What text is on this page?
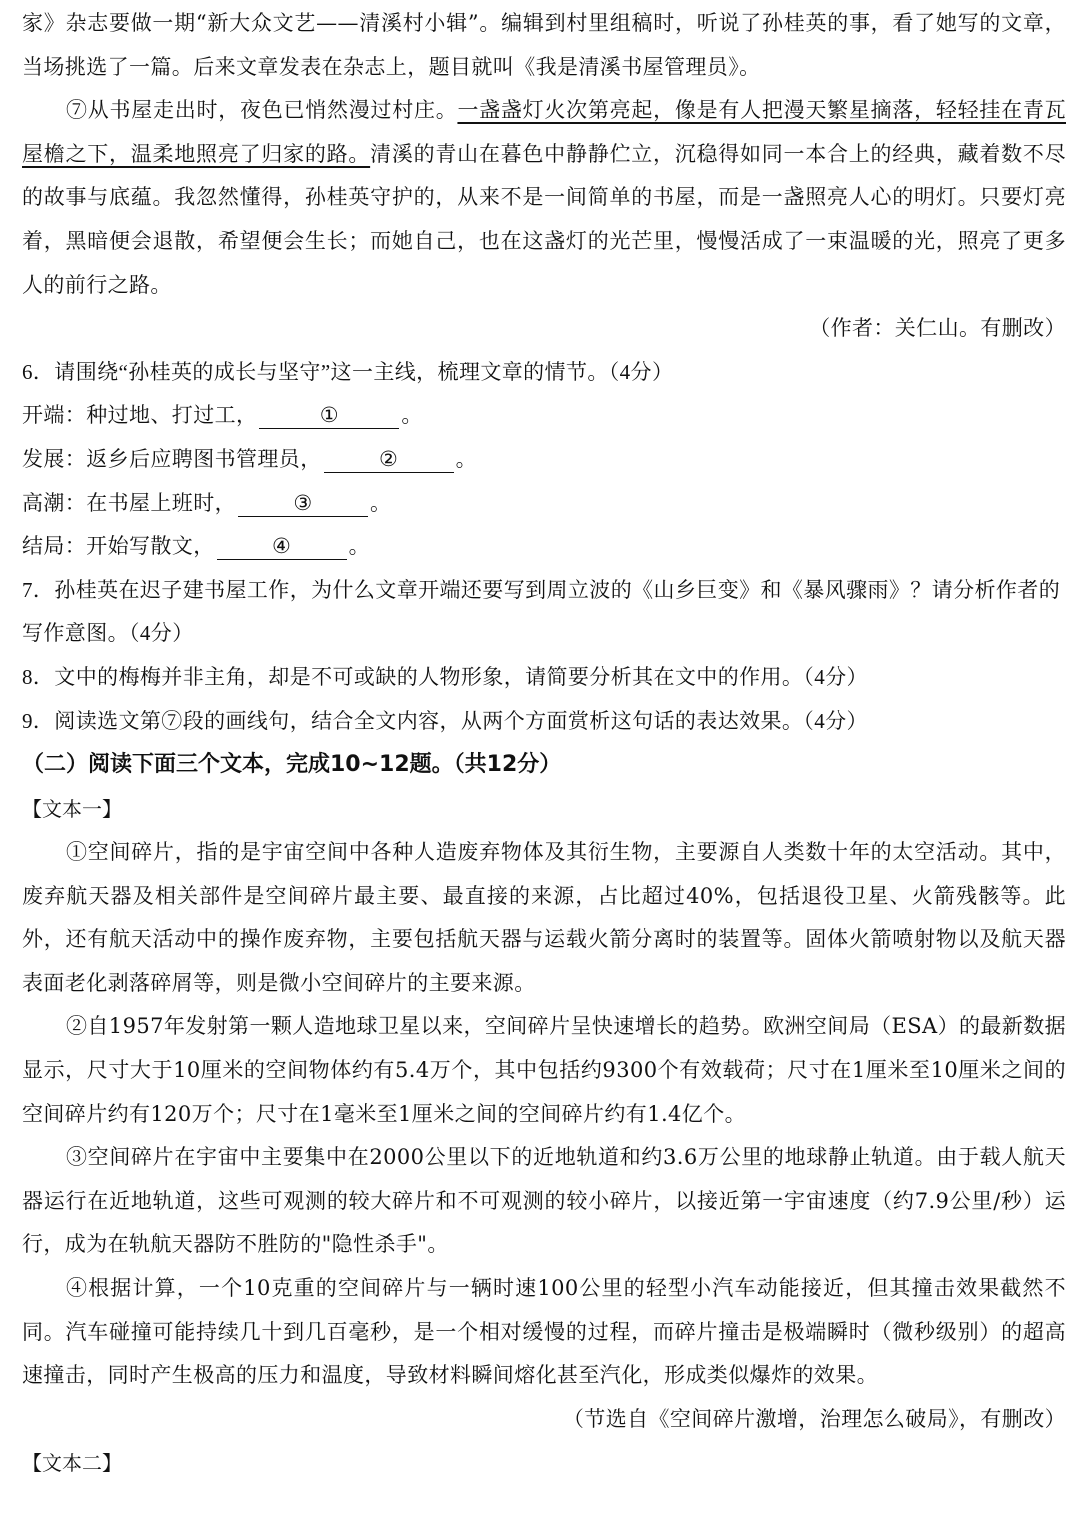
家》杂志要做一期“新大众文艺——清溪村小辑”。编辑到村里组稿时，听说了孙桂英的事，看了她写的文章，当场挑选了一篇。后来文章发表在杂志上，题目就叫《我是清溪书屋管理员》。

⑦从书屋走出时，夜色已悄然漫过村庄。一盏盏灯火次第亮起，像是有人把漫天繁星摘落，轻轻挂在青瓦屋檐之下，温柔地照亮了归家的路。清溪的青山在暮色中静静伫立，沉稳得如同一本合上的经典，藏着数不尽的故事与底蕴。我忽然懂得，孙桂英守护的，从来不是一间简单的书屋，而是一盏照亮人心的明灯。只要灯亮着，黑暗便会退散，希望便会生长；而她自己，也在这盏灯的光芒里，慢慢活成了一束温暖的光，照亮了更多人的前行之路。

（作者：关仁山。有删改）

6．请围绕“孙桂英的成长与坚守”这一主线，梳理文章的情节。（4分）

开端：种过地、打过工，	①	。

发展：返乡后应聘图书管理员，	②	。

高潮：在书屋上班时，	③	。

结局：开始写散文，	④	。

7．孙桂英在迟子建书屋工作，为什么文章开端还要写到周立波的《山乡巨变》和《暴风骤雨》？请分析作者的写作意图。（4分）

8．文中的梅梅并非主角，却是不可或缺的人物形象，请简要分析其在文中的作用。（4分）

9．阅读选文第⑦段的画线句，结合全文内容，从两个方面赏析这句话的表达效果。（4分）

（二）阅读下面三个文本，完成10~12题。（共12分）

【文本一】

①空间碎片，指的是宇宙空间中各种人造废弃物体及其衍生物，主要源自人类数十年的太空活动。其中，废弃航天器及相关部件是空间碎片最主要、最直接的来源，占比超过40%，包括退役卫星、火箭残骸等。此外，还有航天活动中的操作废弃物，主要包括航天器与运载火箭分离时的装置等。固体火箭喷射物以及航天器表面老化剥落碎屑等，则是微小空间碎片的主要来源。

②自1957年发射第一颗人造地球卫星以来，空间碎片呈快速增长的趋势。欧洲空间局（ESA）的最新数据显示，尺寸大于10厘米的空间物体约有5.4万个，其中包括约9300个有效载荷；尺寸在1厘米至10厘米之间的空间碎片约有120万个；尺寸在1毫米至1厘米之间的空间碎片约有1.4亿个。

③空间碎片在宇宙中主要集中在2000公里以下的近地轨道和约3.6万公里的地球静止轨道。由于载人航天器运行在近地轨道，这些可观测的较大碎片和不可观测的较小碎片，以接近第一宇宙速度（约7.9公里/秒）运行，成为在轨航天器防不胜防的"隐性杀手"。

④根据计算，一个10克重的空间碎片与一辆时速100公里的轻型小汽车动能接近，但其撞击效果截然不同。汽车碰撞可能持续几十到几百毫秒，是一个相对缓慢的过程，而碎片撞击是极端瞬时（微秒级别）的超高速撞击，同时产生极高的压力和温度，导致材料瞬间熔化甚至汽化，形成类似爆炸的效果。

（节选自《空间碎片激增，治理怎么破局》，有删改）

【文本二】
